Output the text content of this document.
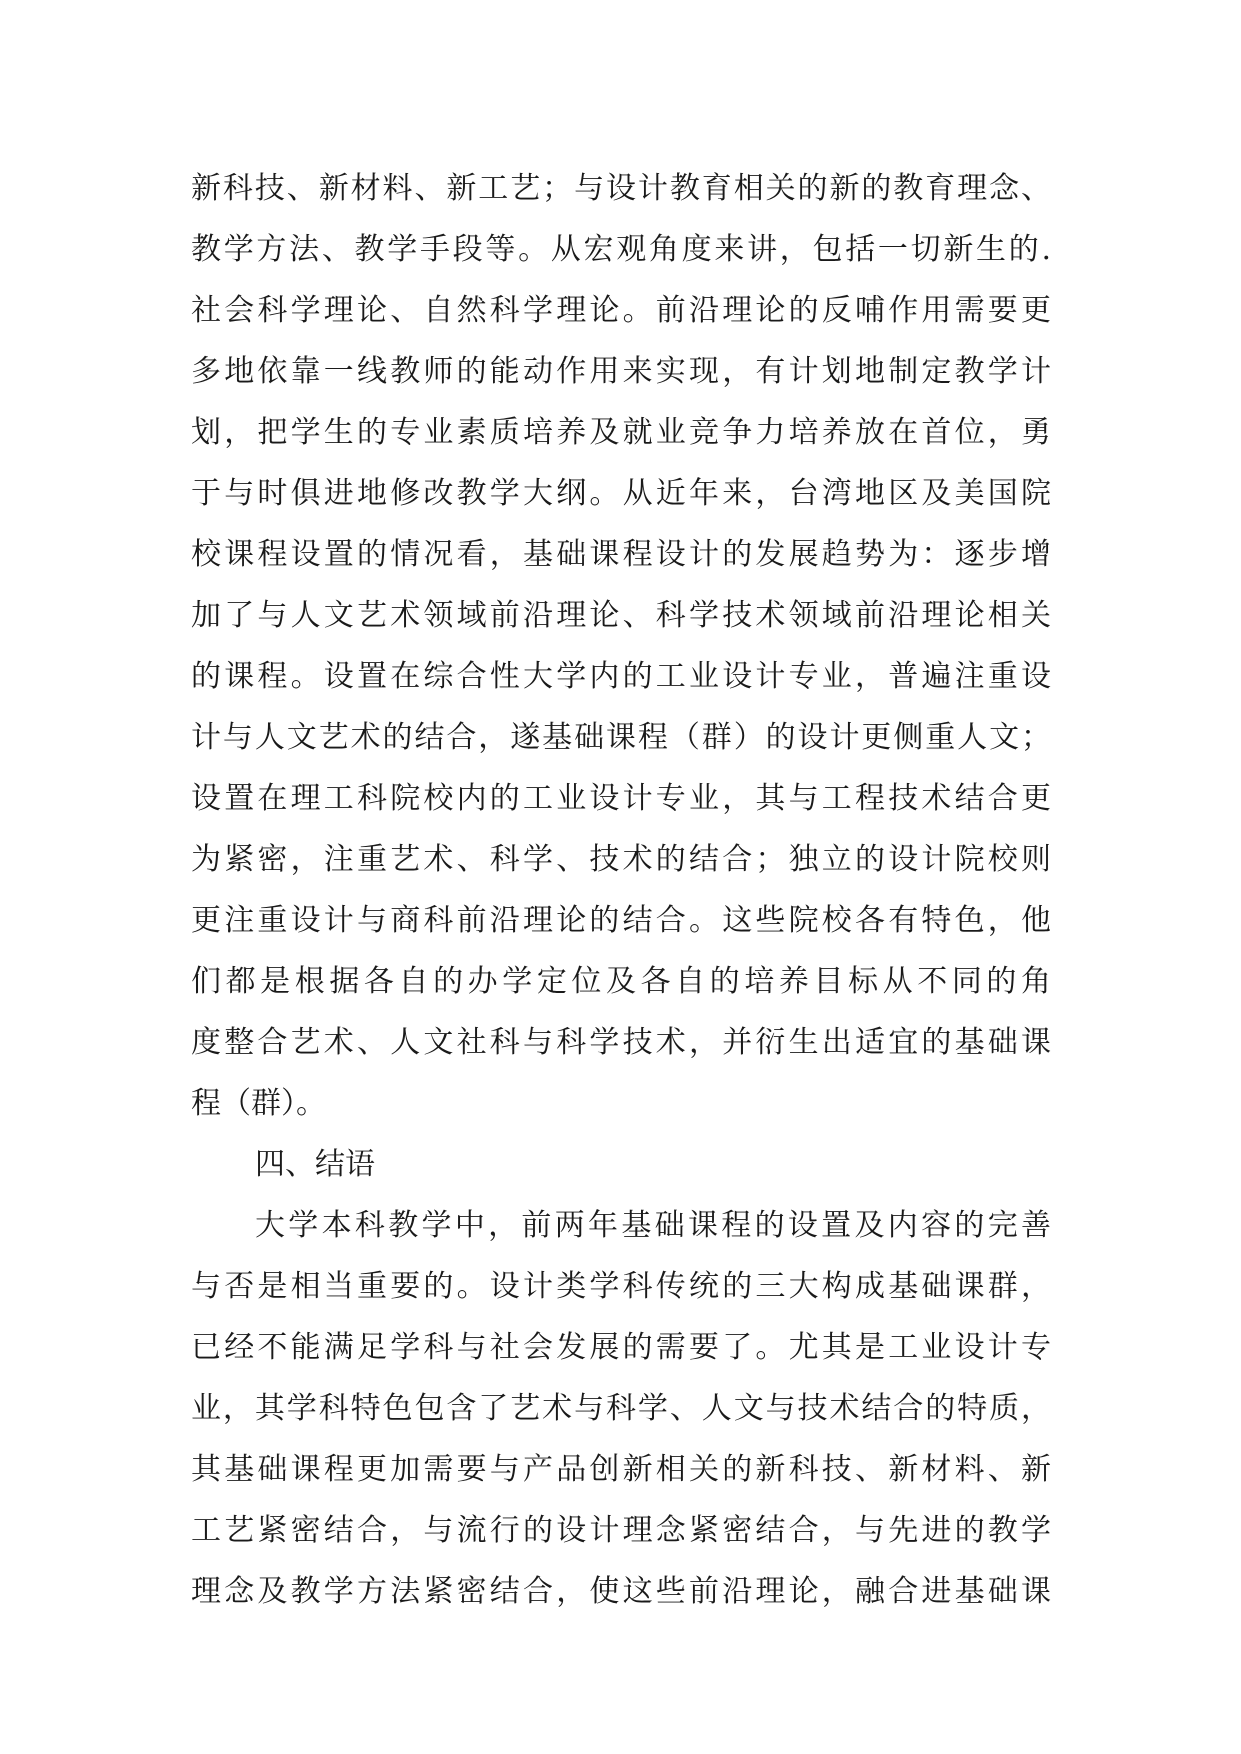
新科技、新材料、新工艺；与设计教育相关的新的教育理念、
教学方法、教学手段等。从宏观角度来讲，包括一切新生的.
社会科学理论、自然科学理论。前沿理论的反哺作用需要更
多地依靠一线教师的能动作用来实现，有计划地制定教学计
划，把学生的专业素质培养及就业竞争力培养放在首位，勇
于与时俱进地修改教学大纲。从近年来，台湾地区及美国院
校课程设置的情况看，基础课程设计的发展趋势为：逐步增
加了与人文艺术领域前沿理论、科学技术领域前沿理论相关
的课程。设置在综合性大学内的工业设计专业，普遍注重设
计与人文艺术的结合，遂基础课程（群）的设计更侧重人文；
设置在理工科院校内的工业设计专业，其与工程技术结合更
为紧密，注重艺术、科学、技术的结合；独立的设计院校则
更注重设计与商科前沿理论的结合。这些院校各有特色，他
们都是根据各自的办学定位及各自的培养目标从不同的角
度整合艺术、人文社科与科学技术，并衍生出适宜的基础课
程（群）。
四、结语
大学本科教学中，前两年基础课程的设置及内容的完善
与否是相当重要的。设计类学科传统的三大构成基础课群，
已经不能满足学科与社会发展的需要了。尤其是工业设计专
业，其学科特色包含了艺术与科学、人文与技术结合的特质，
其基础课程更加需要与产品创新相关的新科技、新材料、新
工艺紧密结合，与流行的设计理念紧密结合，与先进的教学
理念及教学方法紧密结合，使这些前沿理论，融合进基础课
